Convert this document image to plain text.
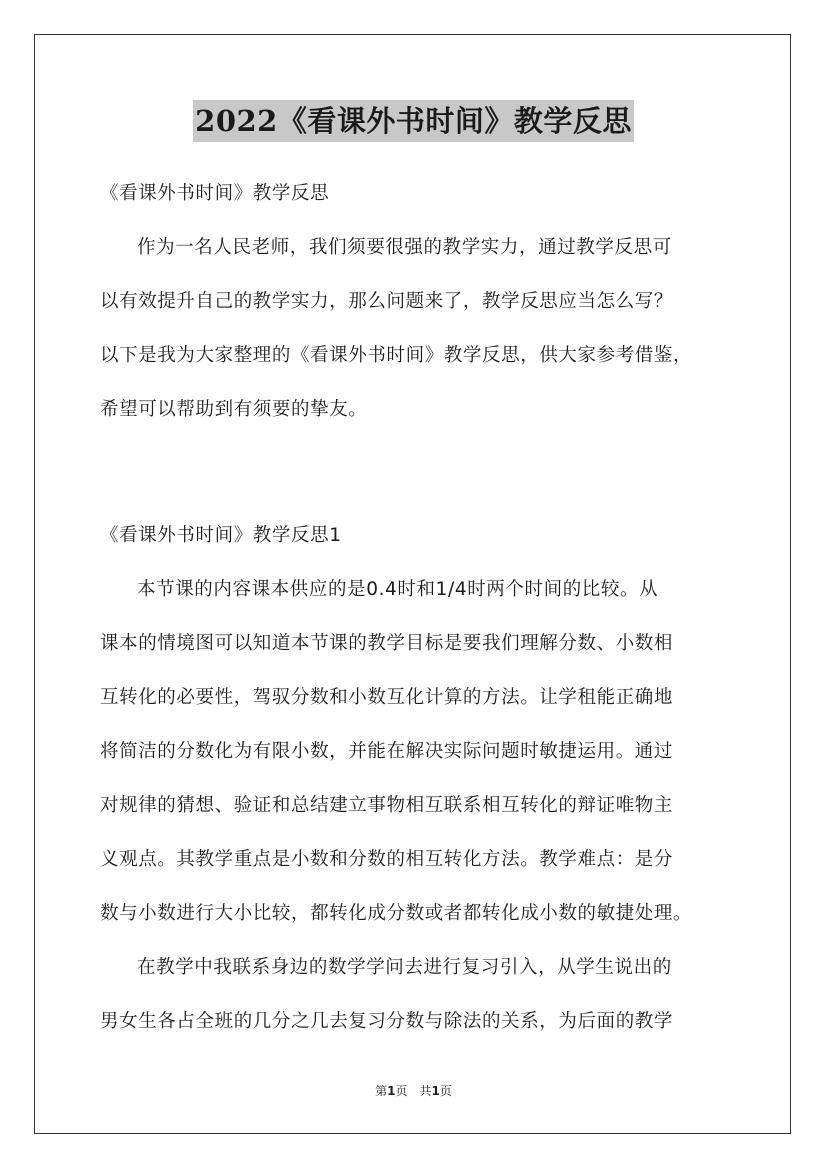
2022《看课外书时间》教学反思
《看课外书时间》教学反思
作为一名人民老师，我们须要很强的教学实力，通过教学反思可
以有效提升自己的教学实力，那么问题来了，教学反思应当怎么写？
以下是我为大家整理的《看课外书时间》教学反思，供大家参考借鉴，
希望可以帮助到有须要的挚友。
《看课外书时间》教学反思1
本节课的内容课本供应的是0.4时和1/4时两个时间的比较。从
课本的情境图可以知道本节课的教学目标是要我们理解分数、小数相
互转化的必要性，驾驭分数和小数互化计算的方法。让学租能正确地
将简洁的分数化为有限小数，并能在解决实际问题时敏捷运用。通过
对规律的猜想、验证和总结建立事物相互联系相互转化的辩证唯物主
义观点。其教学重点是小数和分数的相互转化方法。教学难点：是分
数与小数进行大小比较，都转化成分数或者都转化成小数的敏捷处理。
在教学中我联系身边的数学学问去进行复习引入，从学生说出的
男女生各占全班的几分之几去复习分数与除法的关系，为后面的教学
第1页　共1页
